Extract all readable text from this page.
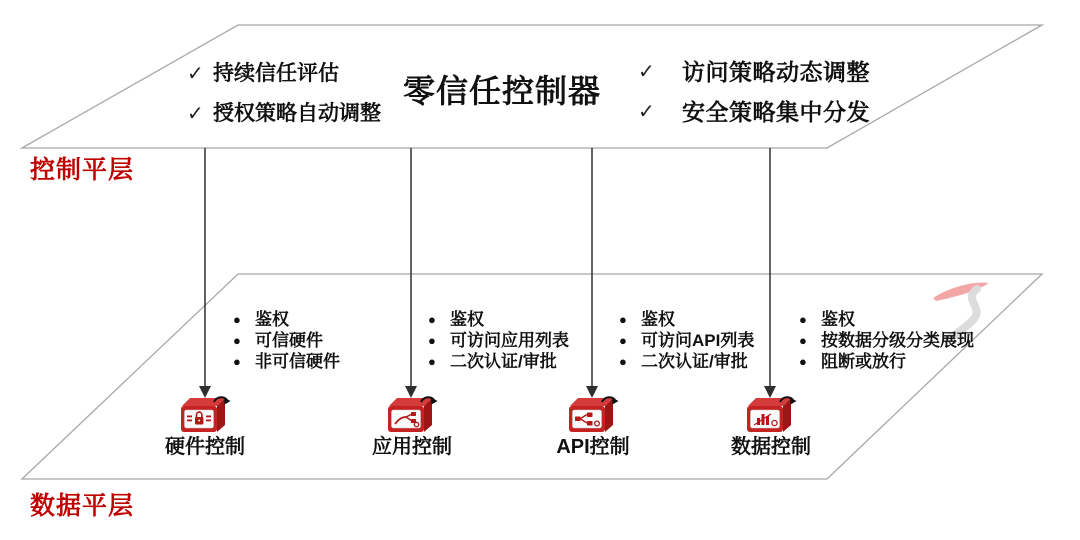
零信任控制器
✓ 持续信任评估
✓ 授权策略自动调整
✓	访问策略动态调整
✓	安全策略集中分发
控制平层
数据平层
● 鉴权
● 可信硬件
● 非可信硬件
● 鉴权
● 可访问应用列表
● 二次认证/审批
● 鉴权
● 可访问API列表
● 二次认证/审批
● 鉴权
● 按数据分级分类展现
● 阻断或放行
硬件控制	应用控制	API控制	数据控制
